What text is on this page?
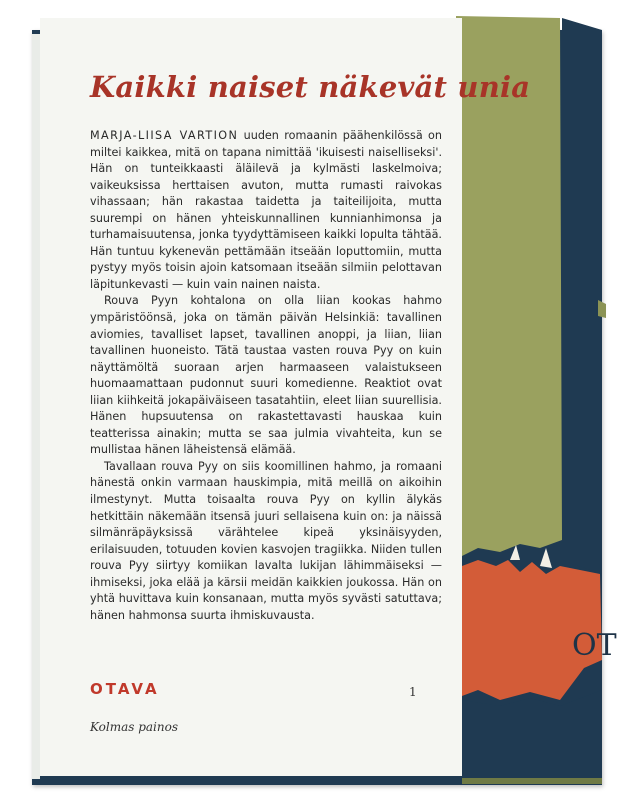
Kaikki naiset näkevät unia

MARJA-LIISA VARTION uuden romaanin päähenkilössä on miltei kaikkea, mitä on tapana nimittää 'ikuisesti naiselliseksi'. Hän on tunteikkaasti äläilevä ja kylmästi laskelmoiva; vaikeuksissa herttaisen avuton, mutta rumasti raivokas vihassaan; hän rakastaa taidetta ja taiteilijoita, mutta suurempi on hänen yhteiskunnallinen kunnianhimonsa ja turhamaisuutensa, jonka tyydyttämiseen kaikki lopulta tähtää. Hän tuntuu kykenevän pettämään itseään loputtomiin, mutta pystyy myös toisin ajoin katsomaan itseään silmiin pelottavan läpitunkevasti — kuin vain nainen naista.

Rouva Pyyn kohtalona on olla liian kookas hahmo ympäristöönsä, joka on tämän päivän Helsinkiä: tavallinen aviomies, tavalliset lapset, tavallinen anoppi, ja liian, liian tavallinen huoneisto. Tätä taustaa vasten rouva Pyy on kuin näyttämöltä suoraan arjen harmaaseen valaistukseen huomaamattaan pudonnut suuri komedienne. Reaktiot ovat liian kiihkeitä jokapäiväiseen tasatahtiin, eleet liian suurellisia. Hänen hupsuutensa on rakastettavasti hauskaa kuin teatterissa ainakin; mutta se saa julmia vivahteita, kun se mullistaa hänen läheistensä elämää.

Tavallaan rouva Pyy on siis koomillinen hahmo, ja romaani hänestä onkin varmaan hauskimpia, mitä meillä on aikoihin ilmestynyt. Mutta toisaalta rouva Pyy on kyllin älykäs hetkittäin näkemään itsensä juuri sellaisena kuin on: ja näissä silmänräpäyksissä värähtelee kipeä yksinäisyyden, erilaisuuden, totuuden kovien kasvojen tragiikka. Niiden tullen rouva Pyy siirtyy komiikan lavalta lukijan lähimmäiseksi — ihmiseksi, joka elää ja kärsii meidän kaikkien joukossa. Hän on yhtä huvittava kuin konsanaan, mutta myös syvästi satuttava; hänen hahmonsa suurta ihmiskuvausta.

OTAVA	1
Kolmas painos
OT
